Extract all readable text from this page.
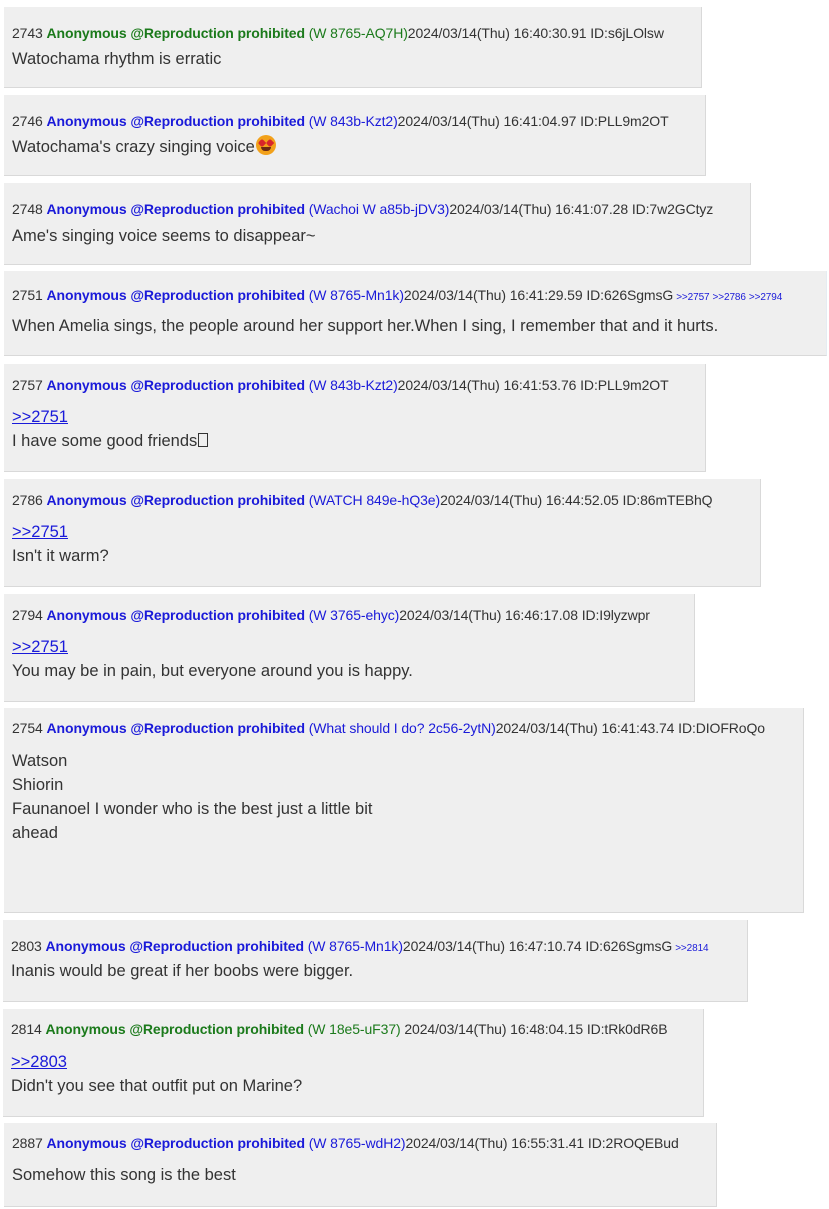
2743 Anonymous @Reproduction prohibited (W 8765-AQ7H)2024/03/14(Thu) 16:40:30.91 ID:s6jLOlsw
Watochama rhythm is erratic
2746 Anonymous @Reproduction prohibited (W 843b-Kzt2)2024/03/14(Thu) 16:41:04.97 ID:PLL9m2OT
Watochama's crazy singing voice
2748 Anonymous @Reproduction prohibited (Wachoi W a85b-jDV3)2024/03/14(Thu) 16:41:07.28 ID:7w2GCtyz
Ame's singing voice seems to disappear~
2751 Anonymous @Reproduction prohibited (W 8765-Mn1k)2024/03/14(Thu) 16:41:29.59 ID:626SgmsG >>2757 >>2786 >>2794
When Amelia sings, the people around her support her.When I sing, I remember that and it hurts.
2757 Anonymous @Reproduction prohibited (W 843b-Kzt2)2024/03/14(Thu) 16:41:53.76 ID:PLL9m2OT
>>2751
I have some good friends
2786 Anonymous @Reproduction prohibited (WATCH 849e-hQ3e)2024/03/14(Thu) 16:44:52.05 ID:86mTEBhQ
>>2751
Isn't it warm?
2794 Anonymous @Reproduction prohibited (W 3765-ehyc)2024/03/14(Thu) 16:46:17.08 ID:I9lyzwpr
>>2751
You may be in pain, but everyone around you is happy.
2754 Anonymous @Reproduction prohibited (What should I do? 2c56-2ytN)2024/03/14(Thu) 16:41:43.74 ID:DIOFRoQo
Watson
Shiorin
Faunanoel I wonder who is the best just a little bit
ahead
2803 Anonymous @Reproduction prohibited (W 8765-Mn1k)2024/03/14(Thu) 16:47:10.74 ID:626SgmsG >>2814
Inanis would be great if her boobs were bigger.
2814 Anonymous @Reproduction prohibited (W 18e5-uF37) 2024/03/14(Thu) 16:48:04.15 ID:tRk0dR6B
>>2803
Didn't you see that outfit put on Marine?
2887 Anonymous @Reproduction prohibited (W 8765-wdH2)2024/03/14(Thu) 16:55:31.41 ID:2ROQEBud
Somehow this song is the best
